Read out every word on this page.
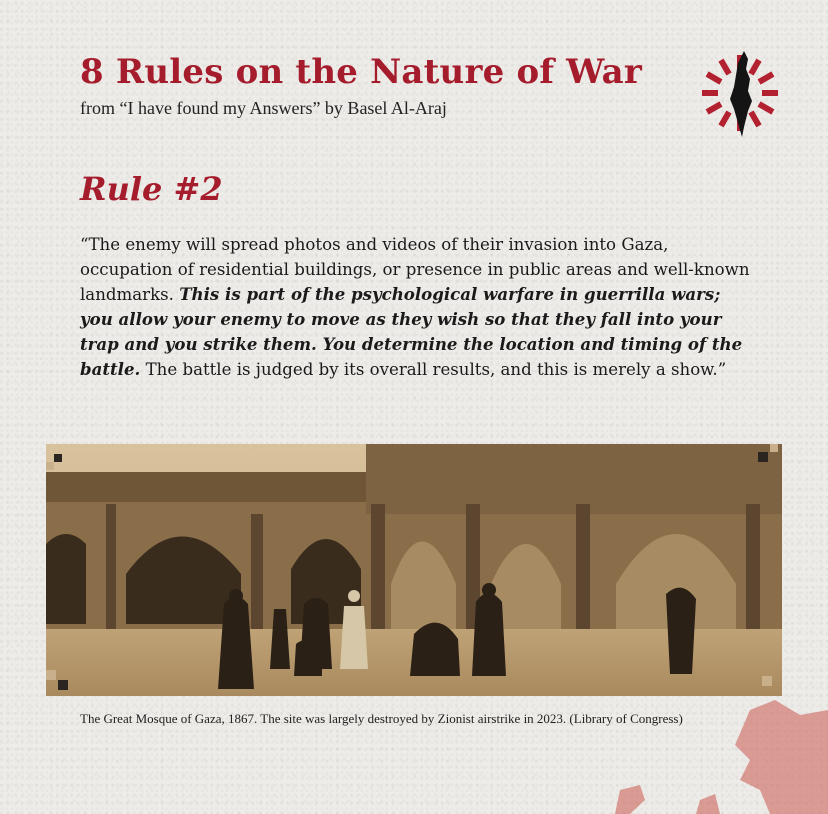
8 Rules on the Nature of War

from “I have found my Answers” by Basel Al-Araj

Rule #2

“The enemy will spread photos and videos of their invasion into Gaza, occupation of residential buildings, or presence in public areas and well-known landmarks. This is part of the psychological warfare in guerrilla wars; you allow your enemy to move as they wish so that they fall into your trap and you strike them. You determine the location and timing of the battle. The battle is judged by its overall results, and this is merely a show.”

The Great Mosque of Gaza, 1867. The site was largely destroyed by Zionist airstrike in 2023. (Library of Congress)
